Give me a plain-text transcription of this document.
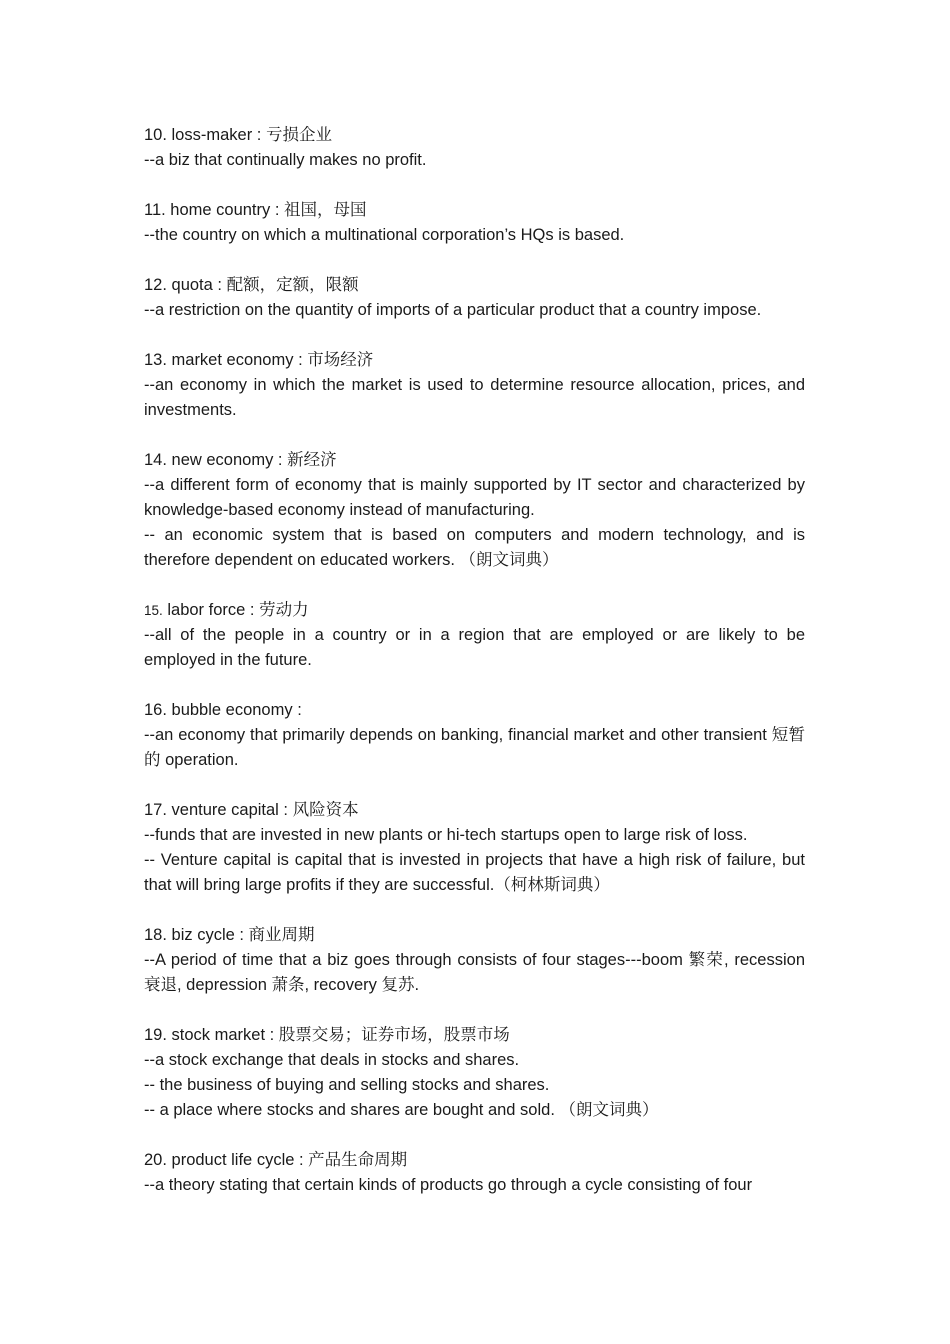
10. loss-maker : 亏损企业

--a biz that continually makes no profit.

11. home country : 祖国，母国

--the country on which a multinational corporation’s HQs is based.

12. quota : 配额，定额，限额

--a restriction on the quantity of imports of a particular product that a country impose.

13. market economy : 市场经济

--an economy in which the market is used to determine resource allocation, prices, and investments.

14. new economy : 新经济

--a different form of economy that is mainly supported by IT sector and characterized by knowledge-based economy instead of manufacturing.

-- an economic system that is based on computers and modern technology, and is therefore dependent on educated workers. （朗文词典）

15. labor force : 劳动力

--all of the people in a country or in a region that are employed or are likely to be employed in the future.

16. bubble economy :

--an economy that primarily depends on banking, financial market and other transient 短暂的 operation.

17. venture capital : 风险资本

--funds that are invested in new plants or hi-tech startups open to large risk of loss.

-- Venture capital is capital that is invested in projects that have a high risk of failure, but that will bring large profits if they are successful.（柯林斯词典）

18. biz cycle : 商业周期

--A period of time that a biz goes through consists of four stages---boom 繁荣, recession 衰退, depression 萧条, recovery 复苏.

19. stock market : 股票交易；证券市场，股票市场

--a stock exchange that deals in stocks and shares.

-- the business of buying and selling stocks and shares.

-- a place where stocks and shares are bought and sold. （朗文词典）

20. product life cycle : 产品生命周期

--a theory stating that certain kinds of products go through a cycle consisting of four
